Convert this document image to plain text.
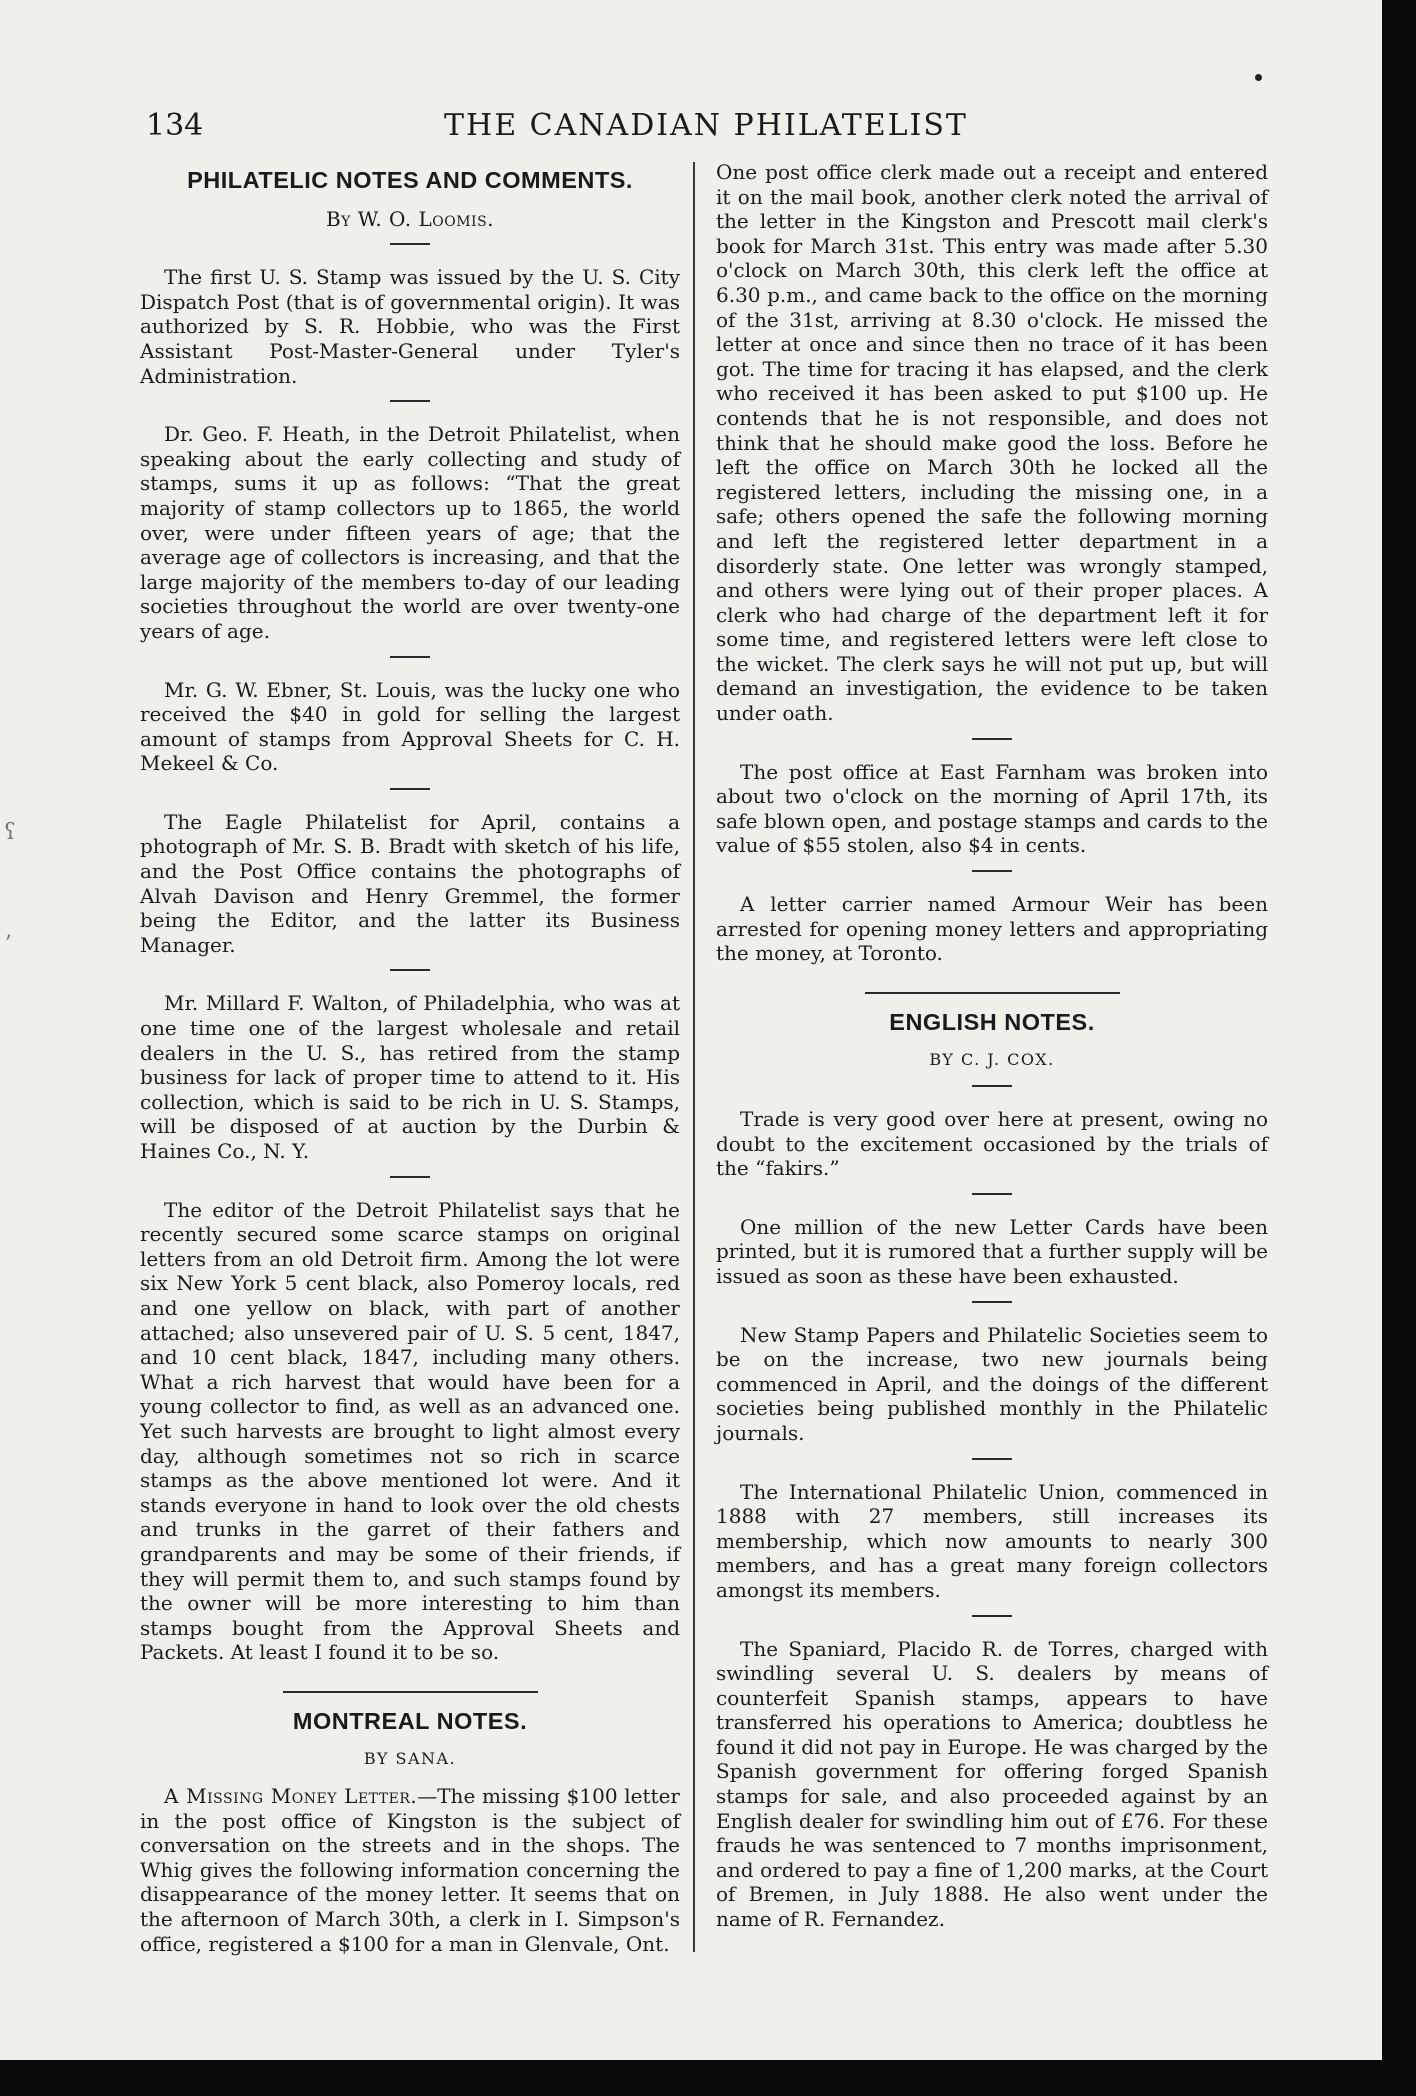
ʕ
ʼ
134	THE CANADIAN PHILATELIST
PHILATELIC NOTES AND COMMENTS.
By W. O. Loomis.

The first U. S. Stamp was issued by the U. S. City Dispatch Post (that is of governmental origin). It was authorized by S. R. Hobbie, who was the First Assistant Post-Master-General under Tyler's Administration.

Dr. Geo. F. Heath, in the Detroit Philatelist, when speaking about the early collecting and study of stamps, sums it up as follows: “That the great majority of stamp collectors up to 1865, the world over, were under fifteen years of age; that the average age of collectors is increasing, and that the large majority of the members to-day of our leading societies throughout the world are over twenty-one years of age.

Mr. G. W. Ebner, St. Louis, was the lucky one who received the $40 in gold for selling the largest amount of stamps from Approval Sheets for C. H. Mekeel & Co.

The Eagle Philatelist for April, contains a photograph of Mr. S. B. Bradt with sketch of his life, and the Post Office contains the photographs of Alvah Davison and Henry Gremmel, the former being the Editor, and the latter its Business Manager.

Mr. Millard F. Walton, of Philadelphia, who was at one time one of the largest wholesale and retail dealers in the U. S., has retired from the stamp business for lack of proper time to attend to it. His collection, which is said to be rich in U. S. Stamps, will be disposed of at auction by the Durbin & Haines Co., N. Y.

The editor of the Detroit Philatelist says that he recently secured some scarce stamps on original letters from an old Detroit firm. Among the lot were six New York 5 cent black, also Pomeroy locals, red and one yellow on black, with part of another attached; also unsevered pair of U. S. 5 cent, 1847, and 10 cent black, 1847, including many others. What a rich harvest that would have been for a young collector to find, as well as an advanced one. Yet such harvests are brought to light almost every day, although sometimes not so rich in scarce stamps as the above mentioned lot were. And it stands everyone in hand to look over the old chests and trunks in the garret of their fathers and grandparents and may be some of their friends, if they will permit them to, and such stamps found by the owner will be more interesting to him than stamps bought from the Approval Sheets and Packets. At least I found it to be so.

MONTREAL NOTES.
BY SANA.

A Missing Money Letter.—The missing $100 letter in the post office of Kingston is the subject of conversation on the streets and in the shops. The Whig gives the following information concerning the disappearance of the money letter. It seems that on the afternoon of March 30th, a clerk in I. Simpson's office, registered a $100 for a man in Glenvale, Ont.

One post office clerk made out a receipt and entered it on the mail book, another clerk noted the arrival of the letter in the Kingston and Prescott mail clerk's book for March 31st. This entry was made after 5.30 o'clock on March 30th, this clerk left the office at 6.30 p.m., and came back to the office on the morning of the 31st, arriving at 8.30 o'clock. He missed the letter at once and since then no trace of it has been got. The time for tracing it has elapsed, and the clerk who received it has been asked to put $100 up. He contends that he is not responsible, and does not think that he should make good the loss. Before he left the office on March 30th he locked all the registered letters, including the missing one, in a safe; others opened the safe the following morning and left the registered letter department in a disorderly state. One letter was wrongly stamped, and others were lying out of their proper places. A clerk who had charge of the department left it for some time, and registered letters were left close to the wicket. The clerk says he will not put up, but will demand an investigation, the evidence to be taken under oath.

The post office at East Farnham was broken into about two o'clock on the morning of April 17th, its safe blown open, and postage stamps and cards to the value of $55 stolen, also $4 in cents.

A letter carrier named Armour Weir has been arrested for opening money letters and appropriating the money, at Toronto.

ENGLISH NOTES.
BY C. J. COX.

Trade is very good over here at present, owing no doubt to the excitement occasioned by the trials of the “fakirs.”

One million of the new Letter Cards have been printed, but it is rumored that a further supply will be issued as soon as these have been exhausted.

New Stamp Papers and Philatelic Societies seem to be on the increase, two new journals being commenced in April, and the doings of the different societies being published monthly in the Philatelic journals.

The International Philatelic Union, commenced in 1888 with 27 members, still increases its membership, which now amounts to nearly 300 members, and has a great many foreign collectors amongst its members.

The Spaniard, Placido R. de Torres, charged with swindling several U. S. dealers by means of counterfeit Spanish stamps, appears to have transferred his operations to America; doubtless he found it did not pay in Europe. He was charged by the Spanish government for offering forged Spanish stamps for sale, and also proceeded against by an English dealer for swindling him out of £76. For these frauds he was sentenced to 7 months imprisonment, and ordered to pay a fine of 1,200 marks, at the Court of Bremen, in July 1888. He also went under the name of R. Fernandez.
